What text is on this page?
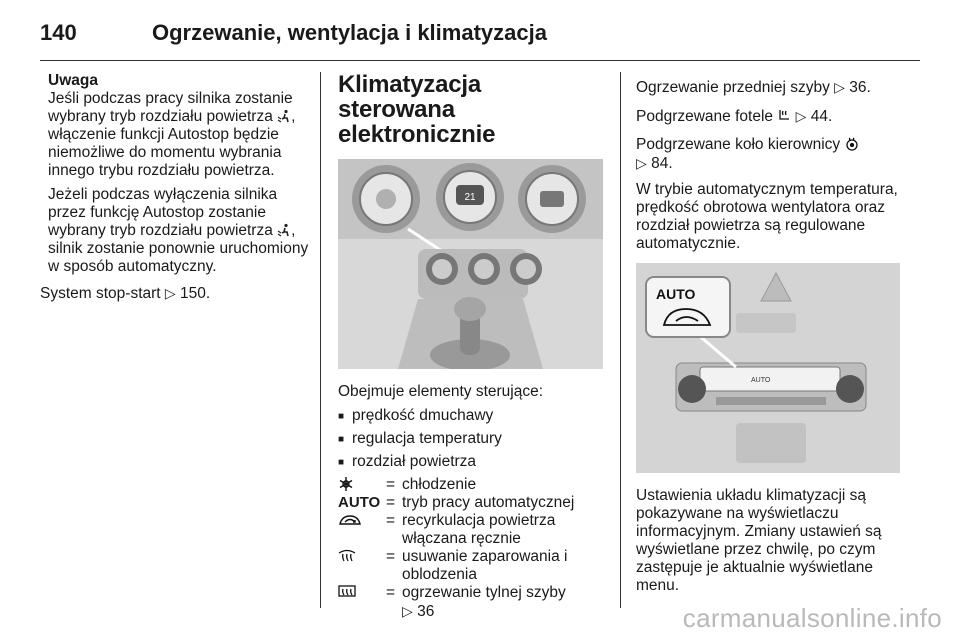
140	Ogrzewanie, wentylacja i klimatyzacja
Uwaga
Jeśli podczas pracy silnika zostanie wybrany tryb rozdziału powietrza , włączenie funkcji Autostop będzie niemożliwe do momentu wybrania innego trybu rozdziału powietrza.
Jeżeli podczas wyłączenia silnika przez funkcję Autostop zostanie wybrany tryb rozdziału powietrza , silnik zostanie ponownie uruchomiony w sposób automatyczny.
System stop-start ▷ 150.
Klimatyzacja sterowana elektronicznie
21
Obejmuje elementy sterujące:
■ prędkość dmuchawy
■ regulacja temperatury
■ rozdział powietrza
= chłodzenie
AUTO = tryb pracy automatycznej
= recyrkulacja powietrza włączana ręcznie
= usuwanie zaparowania i oblodzenia
= ogrzewanie tylnej szyby
▷ 36
Ogrzewanie przedniej szyby ▷ 36.
Podgrzewane fotele ▷ 44.
Podgrzewane koło kierownicy
▷ 84.
W trybie automatycznym temperatura, prędkość obrotowa wentylatora oraz rozdział powietrza są regulowane automatycznie.
AUTO
AUTO
Ustawienia układu klimatyzacji są pokazywane na wyświetlaczu informacyjnym. Zmiany ustawień są wyświetlane przez chwilę, po czym zastępuje je aktualnie wyświetlane menu.
carmanualsonline.info
